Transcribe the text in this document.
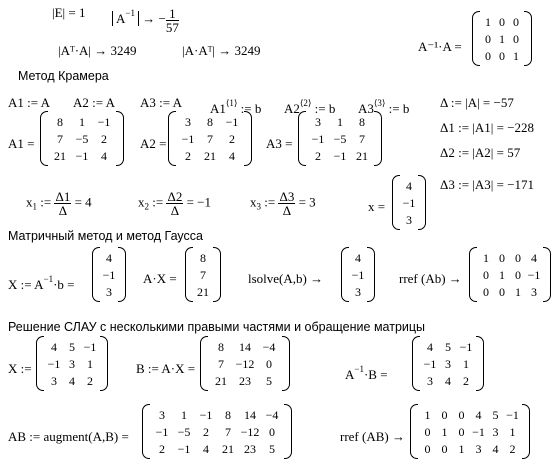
|E| = 1	$A^{-1}$ → − $\frac{1}{57}$
|Aᵀ·A| → 3249	|A·Aᵀ| → 3249	A⁻¹·A =
1	0	0
0	1	0
0	0	1
Метод Крамера
A1 := A A2 := A A3 := A $A1^{⟨1⟩}$ := b $A2^{⟨2⟩}$ := b $A3^{⟨3⟩}$ := b Δ := |A| = −57
Δ1 := |A1| = −228
Δ2 := |A2| = 57
Δ3 := |A3| = −171
A1 =
8	1	−1
7	−5	2
21	−1	4
A2 =
3	8	−1
−1	7	2
2	21	4
A3 =
3	1	8
−1	−5	7
2	−1	21
$x_1$ := $\frac{\Delta 1}{\Delta} = 4$	$x_2$ := $\frac{\Delta 2}{\Delta} = -1$	$x_3$ := $\frac{\Delta 3}{\Delta} = 3$	x =
4
−1
3
Матричный метод и метод Гаусса
X := $A^{-1}\cdot b$ =
4
−1
3
A·X =
8
7
21
lsolve(A,b) →
4
−1
3
rref (Ab) →
1	0	0	4
0	1	0	−1
0	0	1	3
Решение СЛАУ с несколькими правыми частями и обращение матрицы
X :=
4	5	−1
−1	3	1
3	4	2
B := A·X =
8	14	−4
7	−12	0
21	23	5	$A^{-1}\cdot B$ =
4	5	−1
−1	3	1
3	4	2
AB := augment(A,B) =
3	1	−1	8	14	−4
−1	−5	2	7	−12	0
2	−1	4	21	23	5
rref (AB) →
1	0	0	4	5	−1
0	1	0	−1	3	1
0	0	1	3	4	2
